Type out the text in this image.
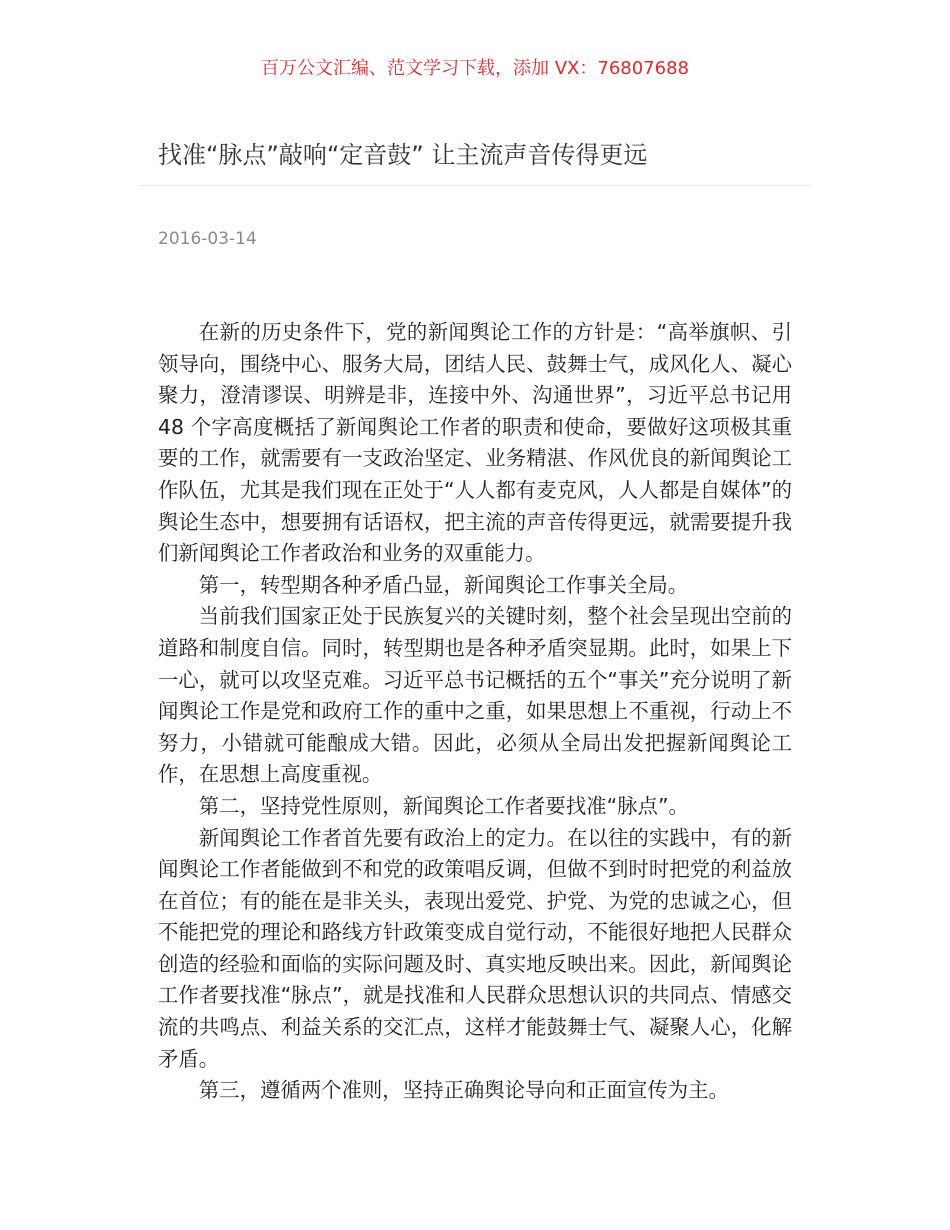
百万公文汇编、范文学习下载，添加 VX：76807688
找准“脉点”敲响“定音鼓” 让主流声音传得更远
2016-03-14

在新的历史条件下，党的新闻舆论工作的方针是：“高举旗帜、引领导向，围绕中心、服务大局，团结人民、鼓舞士气，成风化人、凝心聚力，澄清谬误、明辨是非，连接中外、沟通世界”，习近平总书记用 48 个字高度概括了新闻舆论工作者的职责和使命，要做好这项极其重要的工作，就需要有一支政治坚定、业务精湛、作风优良的新闻舆论工作队伍，尤其是我们现在正处于“人人都有麦克风，人人都是自媒体”的舆论生态中，想要拥有话语权，把主流的声音传得更远，就需要提升我们新闻舆论工作者政治和业务的双重能力。

第一，转型期各种矛盾凸显，新闻舆论工作事关全局。

当前我们国家正处于民族复兴的关键时刻，整个社会呈现出空前的道路和制度自信。同时，转型期也是各种矛盾突显期。此时，如果上下一心，就可以攻坚克难。习近平总书记概括的五个“事关”充分说明了新闻舆论工作是党和政府工作的重中之重，如果思想上不重视，行动上不努力，小错就可能酿成大错。因此，必须从全局出发把握新闻舆论工作，在思想上高度重视。

第二，坚持党性原则，新闻舆论工作者要找准“脉点”。

新闻舆论工作者首先要有政治上的定力。在以往的实践中，有的新闻舆论工作者能做到不和党的政策唱反调，但做不到时时把党的利益放在首位；有的能在是非关头，表现出爱党、护党、为党的忠诚之心，但不能把党的理论和路线方针政策变成自觉行动，不能很好地把人民群众创造的经验和面临的实际问题及时、真实地反映出来。因此，新闻舆论工作者要找准“脉点”，就是找准和人民群众思想认识的共同点、情感交流的共鸣点、利益关系的交汇点，这样才能鼓舞士气、凝聚人心，化解矛盾。

第三，遵循两个准则，坚持正确舆论导向和正面宣传为主。
